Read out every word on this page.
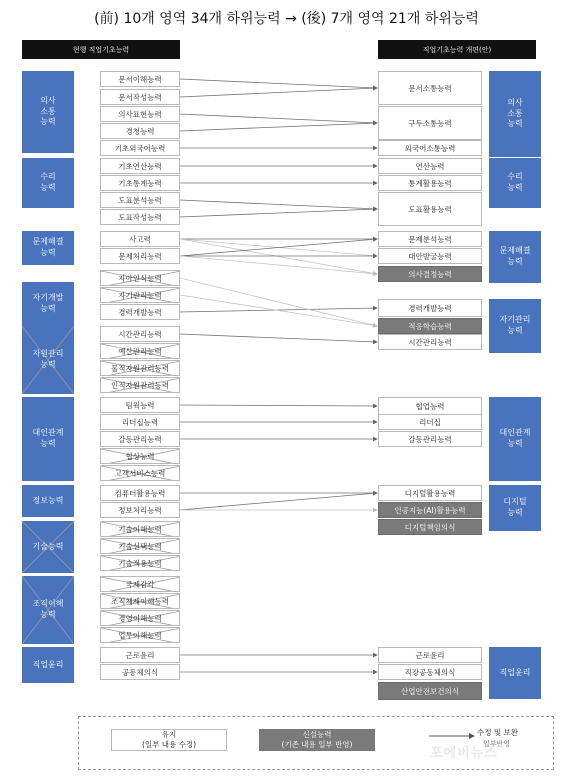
(前) 10개 영역 34개 하위능력 → (後) 7개 영역 21개 하위능력
현행 직업기초능력	직업기초능력 개편(안)
의사
소통
능력
수리
능력
문제해결
능력
자기개발
능력
자원관리
능력
대인관계
능력
정보능력
기술능력
조직이해
능력
직업윤리
문서이해능력
문서작성능력
의사표현능력
경청능력
기초외국어능력
기초연산능력
기초통계능력
도표분석능력
도표작성능력
사고력
문제처리능력
자아인식능력
자기관리능력
경력개발능력
시간관리능력
예산관리능력
물적자원관리능력
인적자원관리능력
팀웍능력
리더십능력
갈등관리능력
협상능력
고객서비스능력
컴퓨터활용능력
정보처리능력
기술이해능력
기술선택능력
기술적용능력
국제감각
조직체제이해능력
경영이해능력
업무이해능력
근로윤리
공동체의식
문서소통능력
구두소통능력
외국어소통능력
연산능력
통계활용능력
도표활용능력
문제분석능력
대안발굴능력
의사결정능력
경력개발능력
적응학습능력
시간관리능력
협업능력
리더십
갈등관리능력
디지털활용능력
인공지능(AI)활용능력
디지털책임의식
근로윤리
직장공동체의식
산업안전보건의식
의사
소통
능력
수리
능력
문제해결
능력
자기관리
능력
대인관계
능력
디지털
능력
직업윤리
유지
(일부 내용 수정)
신설능력
(기존 내용 일부 반영)
수정 및 보완
일부반영
포에버뉴스
